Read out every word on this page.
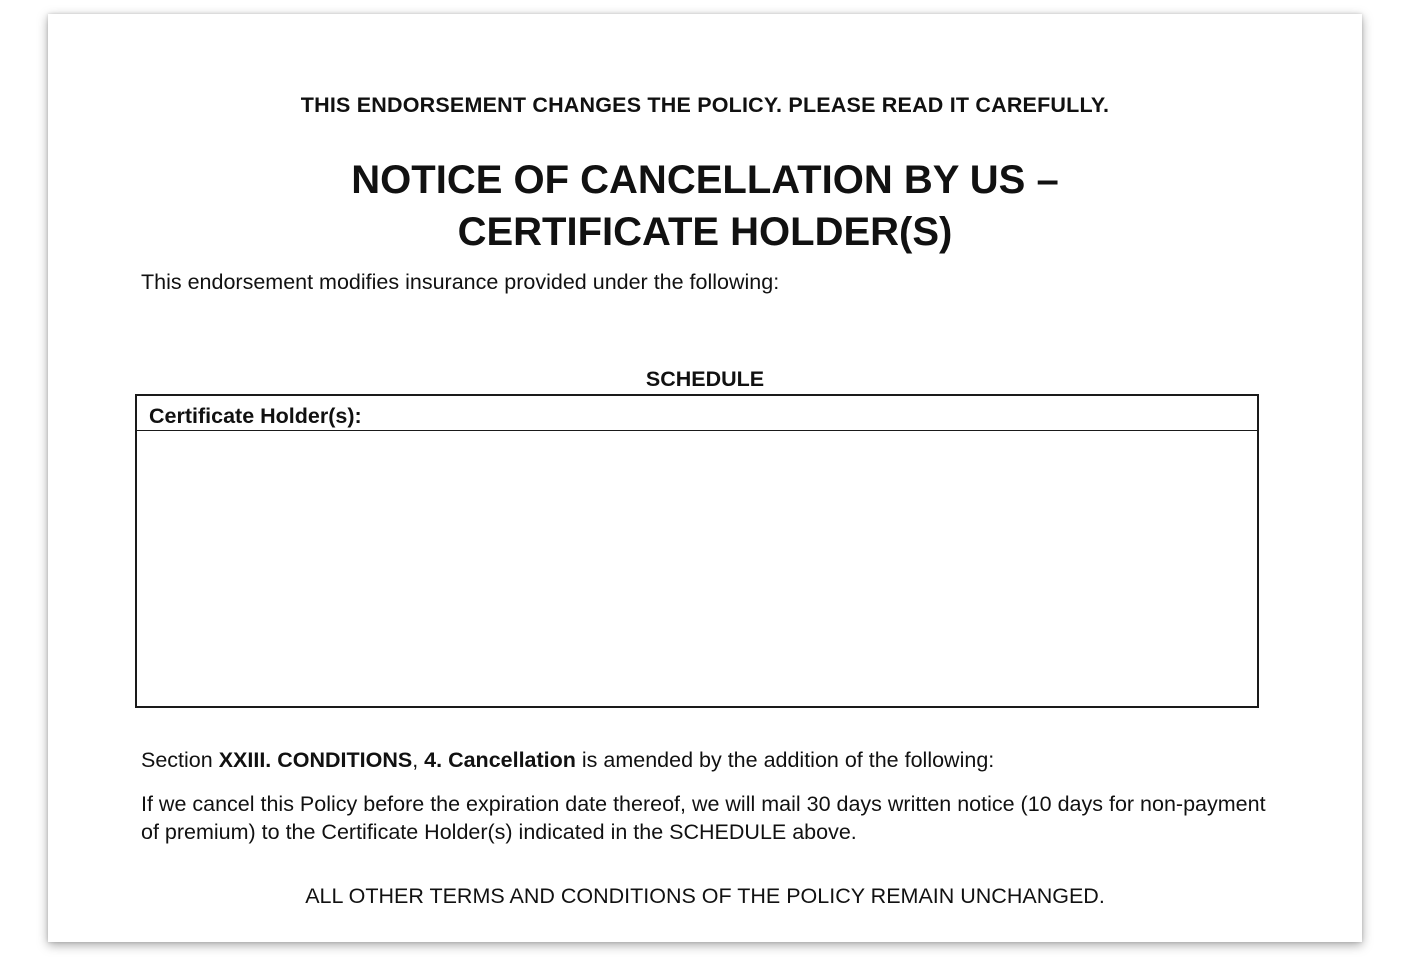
THIS ENDORSEMENT CHANGES THE POLICY. PLEASE READ IT CAREFULLY.
NOTICE OF CANCELLATION BY US –
CERTIFICATE HOLDER(S)
This endorsement modifies insurance provided under the following:
SCHEDULE
Certificate Holder(s):
Section XXIII. CONDITIONS, 4. Cancellation is amended by the addition of the following:
If we cancel this Policy before the expiration date thereof, we will mail 30 days written notice (10 days for non-payment of premium) to the Certificate Holder(s) indicated in the SCHEDULE above.
ALL OTHER TERMS AND CONDITIONS OF THE POLICY REMAIN UNCHANGED.
